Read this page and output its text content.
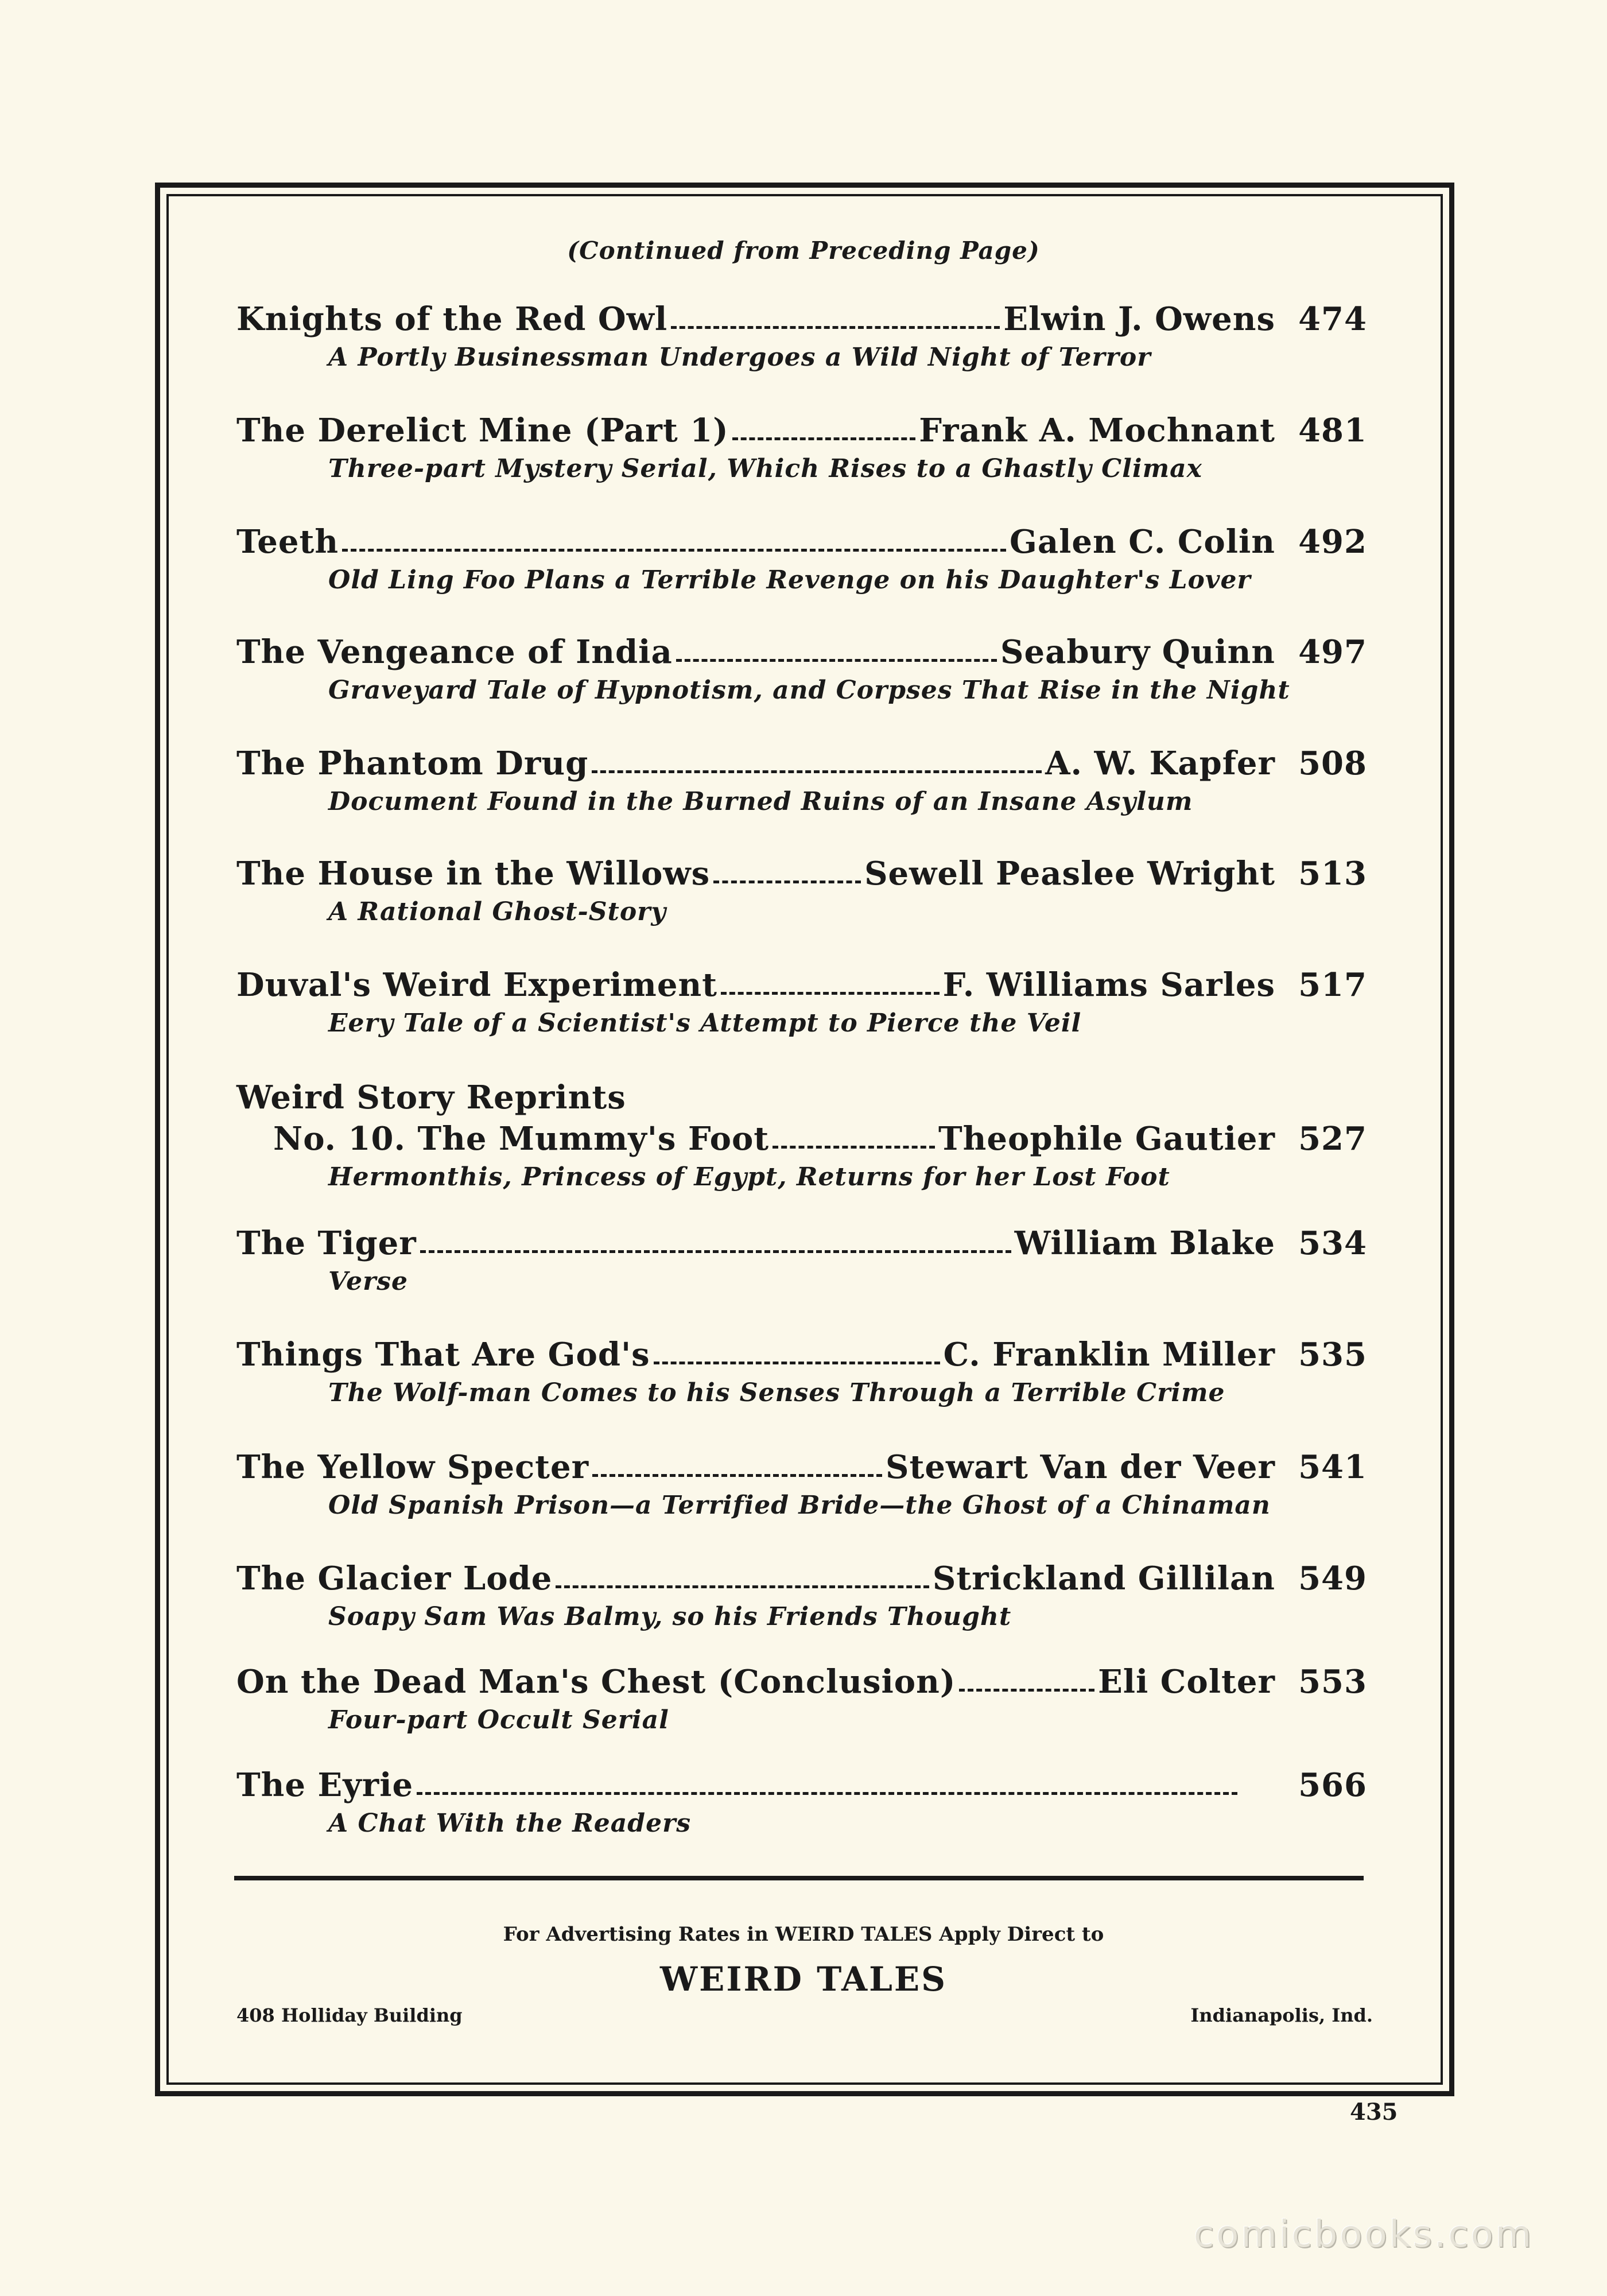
(Continued from Preceding Page)
Knights of the Red Owl	Elwin J. Owens 474
A Portly Businessman Undergoes a Wild Night of Terror
The Derelict Mine (Part 1)	Frank A. Mochnant 481
Three-part Mystery Serial, Which Rises to a Ghastly Climax
Teeth	Galen C. Colin 492
Old Ling Foo Plans a Terrible Revenge on his Daughter's Lover
The Vengeance of India	Seabury Quinn 497
Graveyard Tale of Hypnotism, and Corpses That Rise in the Night
The Phantom Drug	A. W. Kapfer 508
Document Found in the Burned Ruins of an Insane Asylum
The House in the Willows	Sewell Peaslee Wright 513
A Rational Ghost-Story
Duval's Weird Experiment	F. Williams Sarles 517
Eery Tale of a Scientist's Attempt to Pierce the Veil
Weird Story Reprints
No. 10. The Mummy's Foot	Theophile Gautier 527
Hermonthis, Princess of Egypt, Returns for her Lost Foot
The Tiger	William Blake 534
Verse
Things That Are God's	C. Franklin Miller 535
The Wolf-man Comes to his Senses Through a Terrible Crime
The Yellow Specter	Stewart Van der Veer 541
Old Spanish Prison—a Terrified Bride—the Ghost of a Chinaman
The Glacier Lode	Strickland Gillilan 549
Soapy Sam Was Balmy, so his Friends Thought
On the Dead Man's Chest (Conclusion)	Eli Colter 553
Four-part Occult Serial
The Eyrie	566
A Chat With the Readers
For Advertising Rates in WEIRD TALES Apply Direct to
WEIRD TALES
408 Holliday Building	Indianapolis, Ind.
435
comicbooks.com
